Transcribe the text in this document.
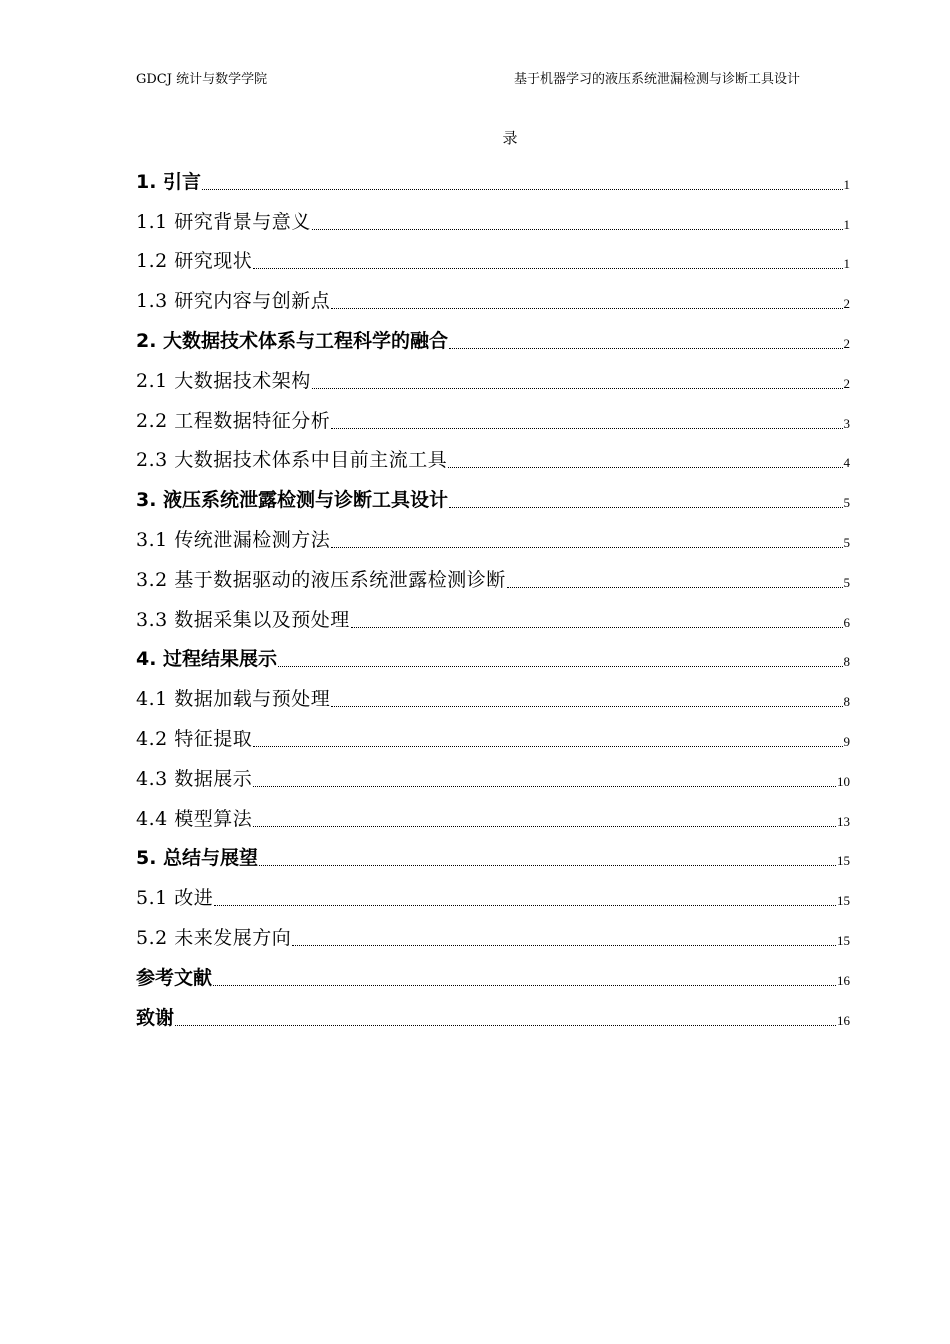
GDCJ 统计与数学学院	基于机器学习的液压系统泄漏检测与诊断工具设计
录
1. 引言	1
1.1 研究背景与意义	1
1.2 研究现状	1
1.3 研究内容与创新点	2
2. 大数据技术体系与工程科学的融合	2
2.1 大数据技术架构	2
2.2 工程数据特征分析	3
2.3 大数据技术体系中目前主流工具	4
3. 液压系统泄露检测与诊断工具设计	5
3.1 传统泄漏检测方法	5
3.2 基于数据驱动的液压系统泄露检测诊断	5
3.3 数据采集以及预处理	6
4. 过程结果展示	8
4.1 数据加载与预处理	8
4.2 特征提取	9
4.3 数据展示	10
4.4 模型算法	13
5. 总结与展望	15
5.1 改进	15
5.2 未来发展方向	15
参考文献	16
致谢	16
